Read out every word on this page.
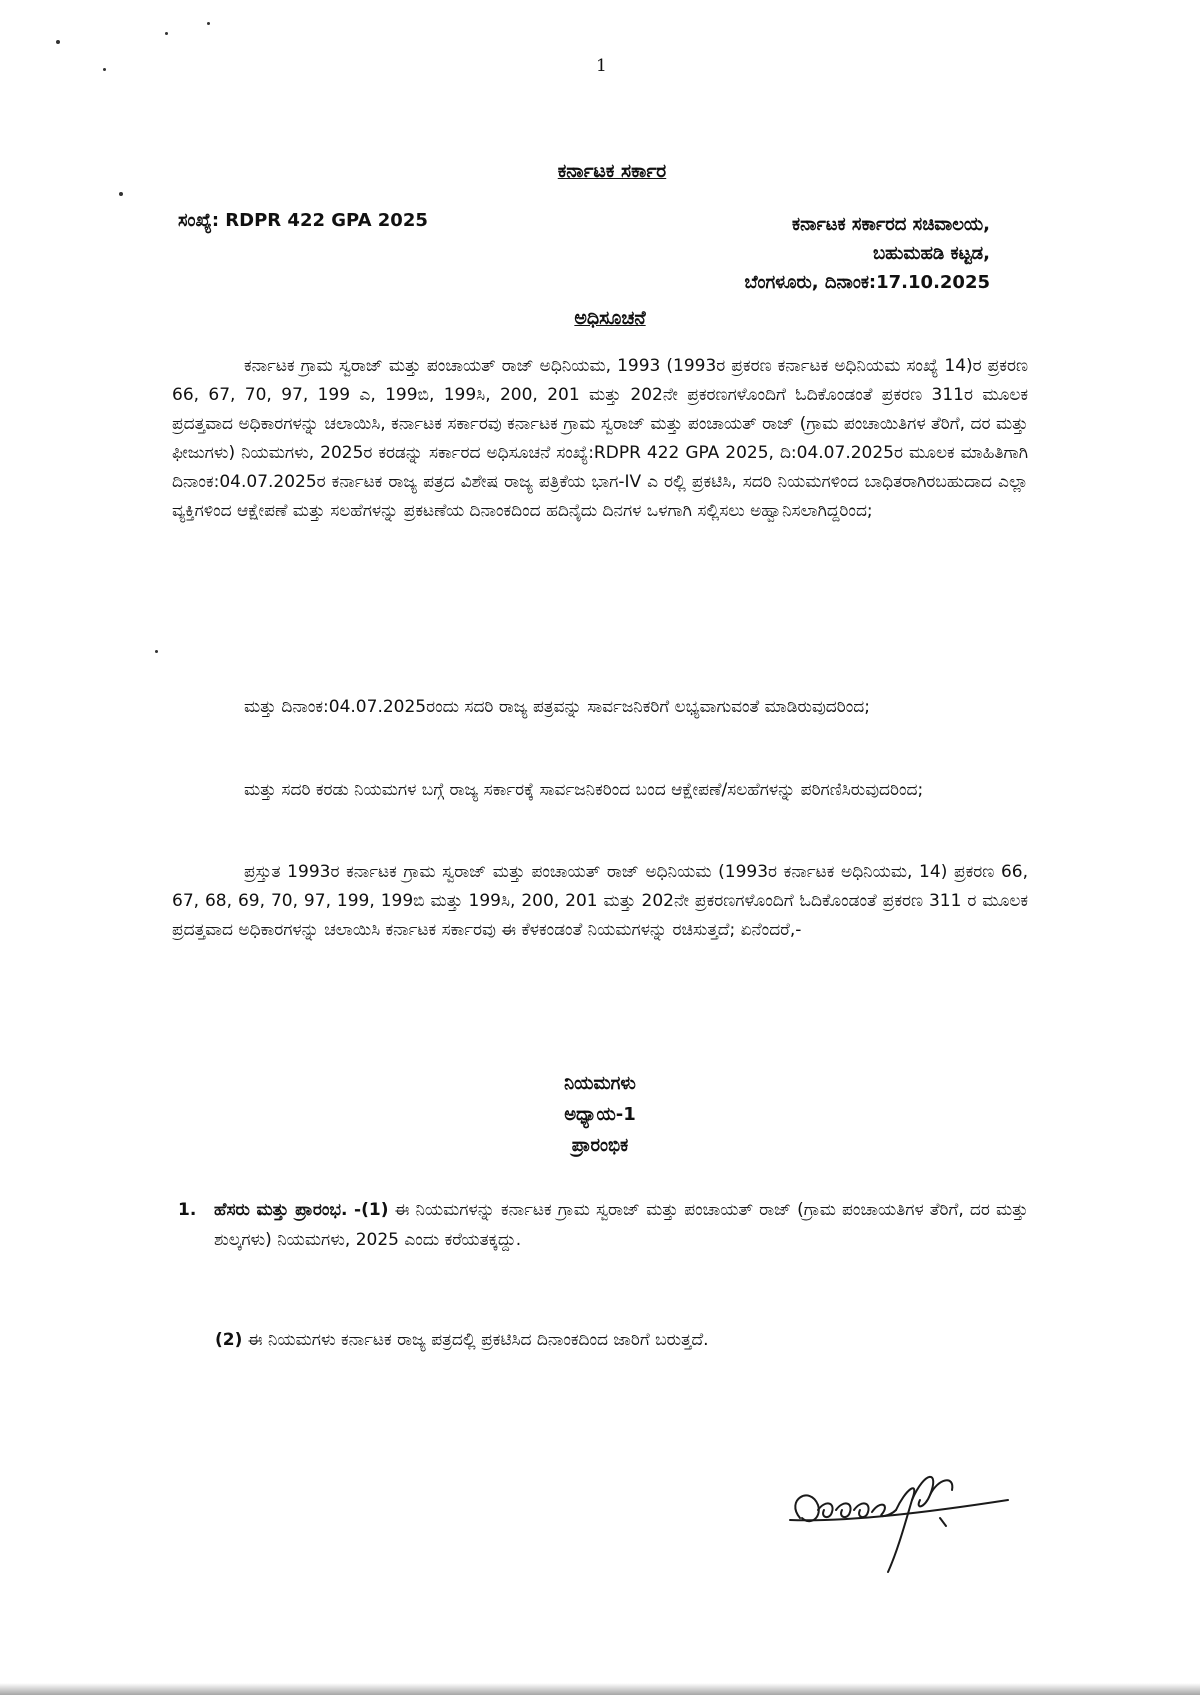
1
ಕರ್ನಾಟಕ ಸರ್ಕಾರ
ಸಂಖ್ಯೆ: RDPR 422 GPA 2025	ಕರ್ನಾಟಕ ಸರ್ಕಾರದ ಸಚಿವಾಲಯ,
ಬಹುಮಹಡಿ ಕಟ್ಟಡ,
ಬೆಂಗಳೂರು, ದಿನಾಂಕ:17.10.2025
ಅಧಿಸೂಚನೆ
ಕರ್ನಾಟಕ ಗ್ರಾಮ ಸ್ವರಾಜ್ ಮತ್ತು ಪಂಚಾಯತ್ ರಾಜ್ ಅಧಿನಿಯಮ, 1993 (1993ರ ಪ್ರಕರಣ ಕರ್ನಾಟಕ ಅಧಿನಿಯಮ ಸಂಖ್ಯೆ 14)ರ ಪ್ರಕರಣ 66, 67, 70, 97, 199 ಎ, 199ಬಿ, 199ಸಿ, 200, 201 ಮತ್ತು 202ನೇ ಪ್ರಕರಣಗಳೊಂದಿಗೆ ಓದಿಕೊಂಡಂತೆ ಪ್ರಕರಣ 311ರ ಮೂಲಕ ಪ್ರದತ್ತವಾದ ಅಧಿಕಾರಗಳನ್ನು ಚಲಾಯಿಸಿ, ಕರ್ನಾಟಕ ಸರ್ಕಾರವು ಕರ್ನಾಟಕ ಗ್ರಾಮ ಸ್ವರಾಜ್ ಮತ್ತು ಪಂಚಾಯತ್ ರಾಜ್ (ಗ್ರಾಮ ಪಂಚಾಯಿತಿಗಳ ತೆರಿಗೆ, ದರ ಮತ್ತು ಫೀಜುಗಳು) ನಿಯಮಗಳು, 2025ರ ಕರಡನ್ನು ಸರ್ಕಾರದ ಅಧಿಸೂಚನೆ ಸಂಖ್ಯೆ:RDPR 422 GPA 2025, ದಿ:04.07.2025ರ ಮೂಲಕ ಮಾಹಿತಿಗಾಗಿ ದಿನಾಂಕ:04.07.2025ರ ಕರ್ನಾಟಕ ರಾಜ್ಯ ಪತ್ರದ ವಿಶೇಷ ರಾಜ್ಯ ಪತ್ರಿಕೆಯ ಭಾಗ-IV ಎ ರಲ್ಲಿ ಪ್ರಕಟಿಸಿ, ಸದರಿ ನಿಯಮಗಳಿಂದ ಬಾಧಿತರಾಗಿರಬಹುದಾದ ಎಲ್ಲಾ ವ್ಯಕ್ತಿಗಳಿಂದ ಆಕ್ಷೇಪಣೆ ಮತ್ತು ಸಲಹೆಗಳನ್ನು ಪ್ರಕಟಣೆಯ ದಿನಾಂಕದಿಂದ ಹದಿನೈದು ದಿನಗಳ ಒಳಗಾಗಿ ಸಲ್ಲಿಸಲು ಅಹ್ವಾನಿಸಲಾಗಿದ್ದರಿಂದ;
ಮತ್ತು ದಿನಾಂಕ:04.07.2025ರಂದು ಸದರಿ ರಾಜ್ಯ ಪತ್ರವನ್ನು ಸಾರ್ವಜನಿಕರಿಗೆ ಲಭ್ಯವಾಗುವಂತೆ ಮಾಡಿರುವುದರಿಂದ;
ಮತ್ತು ಸದರಿ ಕರಡು ನಿಯಮಗಳ ಬಗ್ಗೆ ರಾಜ್ಯ ಸರ್ಕಾರಕ್ಕೆ ಸಾರ್ವಜನಿಕರಿಂದ ಬಂದ ಆಕ್ಷೇಪಣೆ/ಸಲಹೆಗಳನ್ನು ಪರಿಗಣಿಸಿರುವುದರಿಂದ;
ಪ್ರಸ್ತುತ 1993ರ ಕರ್ನಾಟಕ ಗ್ರಾಮ ಸ್ವರಾಜ್ ಮತ್ತು ಪಂಚಾಯತ್ ರಾಜ್ ಅಧಿನಿಯಮ (1993ರ ಕರ್ನಾಟಕ ಅಧಿನಿಯಮ, 14) ಪ್ರಕರಣ 66, 67, 68, 69, 70, 97, 199, 199ಬಿ ಮತ್ತು 199ಸಿ, 200, 201 ಮತ್ತು 202ನೇ ಪ್ರಕರಣಗಳೊಂದಿಗೆ ಓದಿಕೊಂಡಂತೆ ಪ್ರಕರಣ 311 ರ ಮೂಲಕ ಪ್ರದತ್ತವಾದ ಅಧಿಕಾರಗಳನ್ನು ಚಲಾಯಿಸಿ ಕರ್ನಾಟಕ ಸರ್ಕಾರವು ಈ ಕೆಳಕಂಡಂತೆ ನಿಯಮಗಳನ್ನು ರಚಿಸುತ್ತದೆ; ಏನೆಂದರೆ,-
ನಿಯಮಗಳು
ಅಧ್ಯಾಯ-1
ಪ್ರಾರಂಭಿಕ
1.	ಹೆಸರು ಮತ್ತು ಪ್ರಾರಂಭ. -(1) ಈ ನಿಯಮಗಳನ್ನು ಕರ್ನಾಟಕ ಗ್ರಾಮ ಸ್ವರಾಜ್ ಮತ್ತು ಪಂಚಾಯತ್ ರಾಜ್ (ಗ್ರಾಮ ಪಂಚಾಯತಿಗಳ ತೆರಿಗೆ, ದರ ಮತ್ತು ಶುಲ್ಕಗಳು) ನಿಯಮಗಳು, 2025 ಎಂದು ಕರೆಯತಕ್ಕದ್ದು.
(2) ಈ ನಿಯಮಗಳು ಕರ್ನಾಟಕ ರಾಜ್ಯ ಪತ್ರದಲ್ಲಿ ಪ್ರಕಟಿಸಿದ ದಿನಾಂಕದಿಂದ ಜಾರಿಗೆ ಬರುತ್ತದೆ.
